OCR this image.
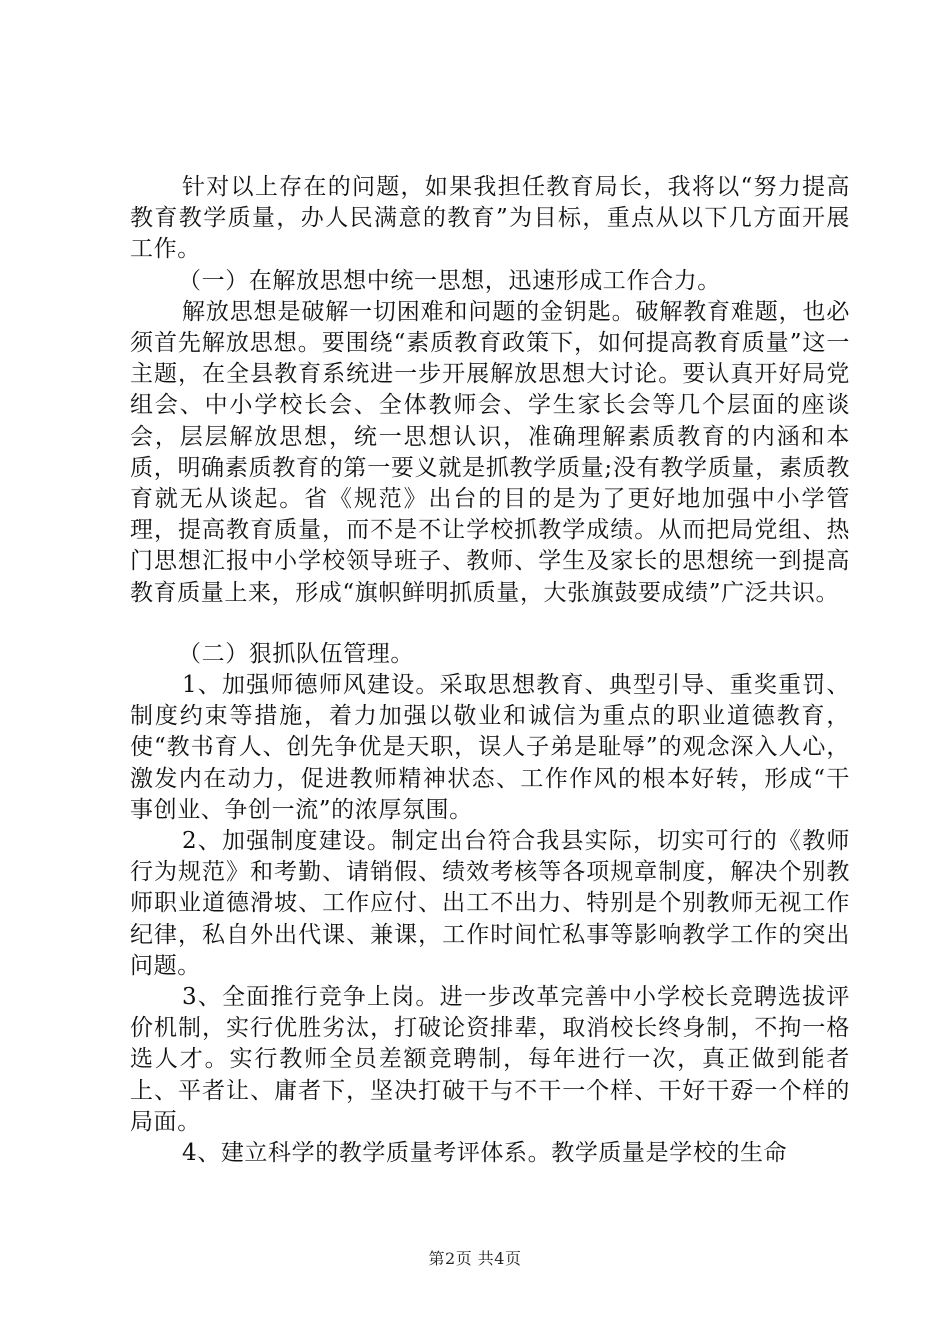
针对以上存在的问题，如果我担任教育局长，我将以“努力提高教育教学质量，办人民满意的教育”为目标，重点从以下几方面开展工作。

（一）在解放思想中统一思想，迅速形成工作合力。

解放思想是破解一切困难和问题的金钥匙。破解教育难题，也必须首先解放思想。要围绕“素质教育政策下，如何提高教育质量”这一主题，在全县教育系统进一步开展解放思想大讨论。要认真开好局党组会、中小学校长会、全体教师会、学生家长会等几个层面的座谈会，层层解放思想，统一思想认识，准确理解素质教育的内涵和本质，明确素质教育的第一要义就是抓教学质量;没有教学质量，素质教育就无从谈起。省《规范》出台的目的是为了更好地加强中小学管理，提高教育质量，而不是不让学校抓教学成绩。从而把局党组、热门思想汇报中小学校领导班子、教师、学生及家长的思想统一到提高教育质量上来，形成“旗帜鲜明抓质量，大张旗鼓要成绩”广泛共识。

（二）狠抓队伍管理。

1、加强师德师风建设。采取思想教育、典型引导、重奖重罚、制度约束等措施，着力加强以敬业和诚信为重点的职业道德教育，使“教书育人、创先争优是天职，误人子弟是耻辱”的观念深入人心，激发内在动力，促进教师精神状态、工作作风的根本好转，形成“干事创业、争创一流”的浓厚氛围。

2、加强制度建设。制定出台符合我县实际，切实可行的《教师行为规范》和考勤、请销假、绩效考核等各项规章制度，解决个别教师职业道德滑坡、工作应付、出工不出力、特别是个别教师无视工作纪律，私自外出代课、兼课，工作时间忙私事等影响教学工作的突出问题。

3、全面推行竞争上岗。进一步改革完善中小学校长竞聘选拔评价机制，实行优胜劣汰，打破论资排辈，取消校长终身制，不拘一格选人才。实行教师全员差额竞聘制，每年进行一次，真正做到能者上、平者让、庸者下，坚决打破干与不干一个样、干好干孬一个样的局面。

4、建立科学的教学质量考评体系。教学质量是学校的生命

第2页 共4页
